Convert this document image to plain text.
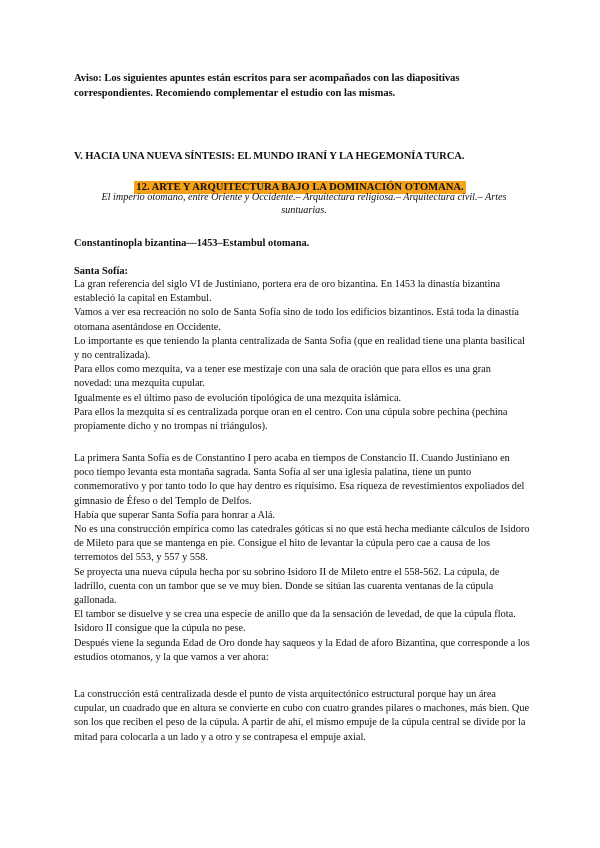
Aviso: Los siguientes apuntes están escritos para ser acompañados con las diapositivas correspondientes. Recomiendo complementar el estudio con las mismas.
V. HACIA UNA NUEVA SÍNTESIS: EL MUNDO IRANÍ Y LA HEGEMONÍA TURCA.
12. ARTE Y ARQUITECTURA BAJO LA DOMINACIÓN OTOMANA.
El imperio otomano, entre Oriente y Occidente.– Arquitectura religiosa.– Arquitectura civil.– Artes suntuarias.
Constantinopla bizantina—1453–Estambul otomana.
Santa Sofía:

La gran referencia del siglo VI de Justiniano, portera era de oro bizantina. En 1453 la dinastía bizantina estableció la capital en Estambul.

Vamos a ver esa recreación no solo de Santa Sofía sino de todo los edificios bizantinos. Está toda la dinastía otomana asentándose en Occidente.

Lo importante es que teniendo la planta centralizada de Santa Sofía (que en realidad tiene una planta basilical y no centralizada).

Para ellos como mezquita, va a tener ese mestizaje con una sala de oración que para ellos es una gran novedad: una mezquita cupular.

Igualmente es el último paso de evolución tipológica de una mezquita islámica.

Para ellos la mezquita sí es centralizada porque oran en el centro. Con una cúpula sobre pechina (pechina propiamente dicho y no trompas ni triángulos).

La primera Santa Sofía es de Constantino I pero acaba en tiempos de Constancio II. Cuando Justiniano en poco tiempo levanta esta montaña sagrada. Santa Sofía al ser una iglesia palatina, tiene un punto conmemorativo y por tanto todo lo que hay dentro es riquísimo. Esa riqueza de revestimientos expoliados del gimnasio de Éfeso o del Templo de Delfos.

Había que superar Santa Sofía para honrar a Alá.

No es una construcción empírica como las catedrales góticas si no que está hecha mediante cálculos de Isidoro de Mileto para que se mantenga en pie. Consigue el hito de levantar la cúpula pero cae a causa de los terremotos del 553, y 557 y 558.

Se proyecta una nueva cúpula hecha por su sobrino Isidoro II de Mileto entre el 558-562. La cúpula, de ladrillo, cuenta con un tambor que se ve muy bien. Donde se sitúan las cuarenta ventanas de la cúpula gallonada.

El tambor se disuelve y se crea una especie de anillo que da la sensación de levedad, de que la cúpula flota. Isidoro II consigue que la cúpula no pese.

Después viene la segunda Edad de Oro donde hay saqueos y la Edad de aforo Bizantina, que corresponde a los estudios otomanos, y la que vamos a ver ahora:

La construcción está centralizada desde el punto de vista arquitectónico estructural porque hay un área cupular, un cuadrado que en altura se convierte en cubo con cuatro grandes pilares o machones, más bien. Que son los que reciben el peso de la cúpula. A partir de ahí, el mismo empuje de la cúpula central se divide por la mitad para colocarla a un lado y a otro y se contrapesa el empuje axial.
